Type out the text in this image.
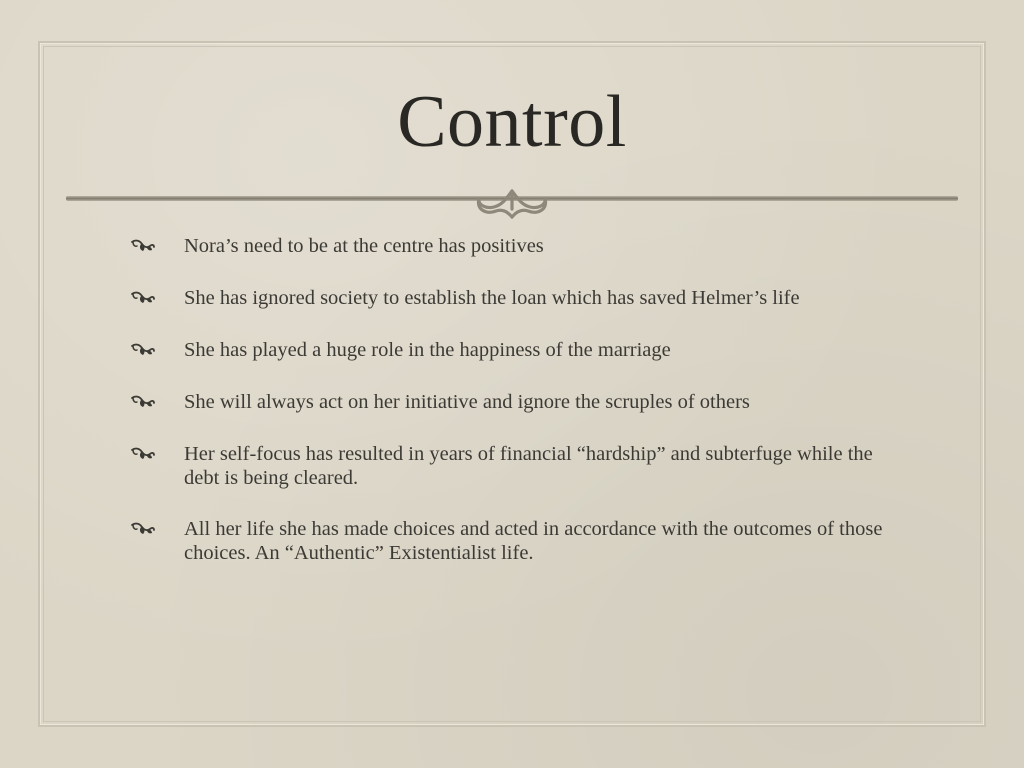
Control
Nora’s need to be at the centre has positives
She has ignored society to establish the loan which has saved Helmer’s life
She has played a huge role in the happiness of the marriage
She will always act on her initiative and ignore the scruples of others
Her self-focus has resulted in years of financial “hardship” and subterfuge while the debt is being cleared.
All her life she has made choices and acted in accordance with the outcomes of those choices. An “Authentic” Existentialist life.
